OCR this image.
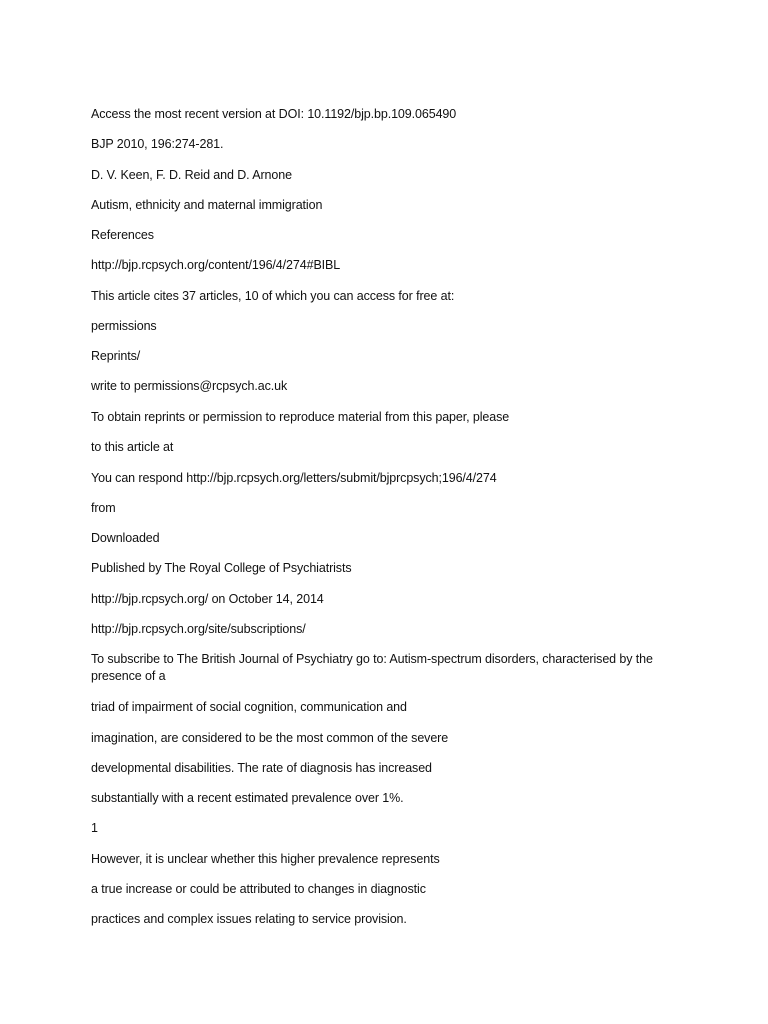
Access the most recent version at DOI: 10.1192/bjp.bp.109.065490
BJP 2010, 196:274-281.
D. V. Keen, F. D. Reid and D. Arnone
Autism, ethnicity and maternal immigration
References
http://bjp.rcpsych.org/content/196/4/274#BIBL
This article cites 37 articles, 10 of which you can access for free at:
permissions
Reprints/
write to permissions@rcpsych.ac.uk
To obtain reprints or permission to reproduce material from this paper, please
to this article at
You can respond http://bjp.rcpsych.org/letters/submit/bjprcpsych;196/4/274
from
Downloaded
Published by The Royal College of Psychiatrists
http://bjp.rcpsych.org/ on October 14, 2014
http://bjp.rcpsych.org/site/subscriptions/
To subscribe to The British Journal of Psychiatry go to: Autism-spectrum disorders, characterised by the presence of a
triad of impairment of social cognition, communication and
imagination, are considered to be the most common of the severe
developmental disabilities. The rate of diagnosis has increased
substantially with a recent estimated prevalence over 1%.
1
However, it is unclear whether this higher prevalence represents
a true increase or could be attributed to changes in diagnostic
practices and complex issues relating to service provision.
